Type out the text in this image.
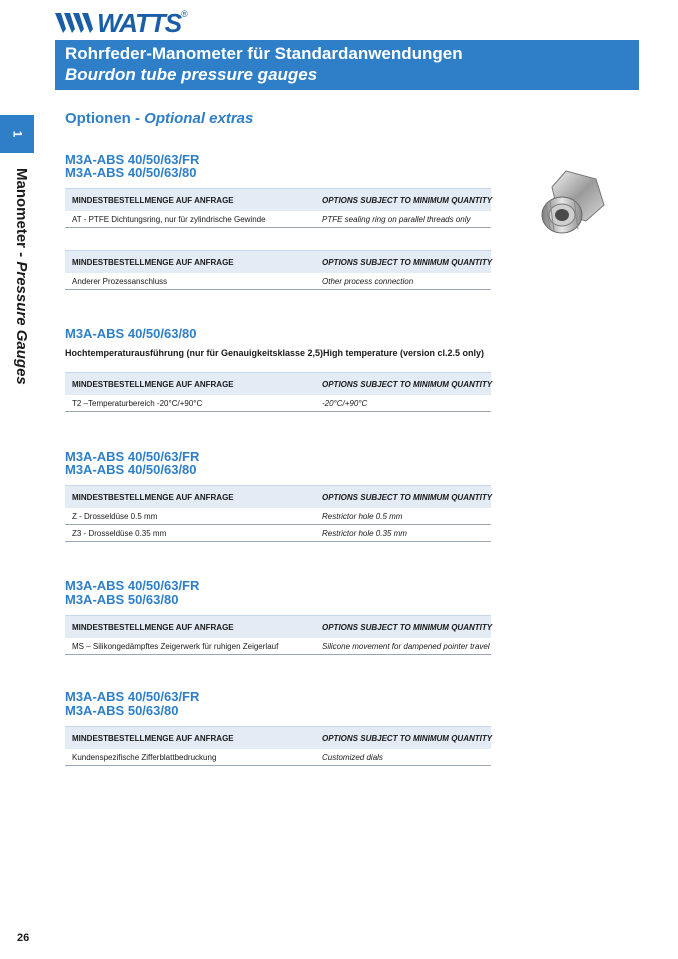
WATTS ®
Rohrfeder-Manometer für Standardanwendungen
Bourdon tube pressure gauges
1
Manometer - Pressure Gauges
Optionen - Optional extras
M3A-ABS 40/50/63/FR
M3A-ABS 40/50/63/80
MINDESTBESTELLMENGE AUF ANFRAGE	OPTIONS SUBJECT TO MINIMUM QUANTITY
AT - PTFE Dichtungsring, nur für zylindrische Gewinde	PTFE sealing ring on parallel threads only
MINDESTBESTELLMENGE AUF ANFRAGE	OPTIONS SUBJECT TO MINIMUM QUANTITY
Anderer Prozessanschluss	Other process connection
M3A-ABS 40/50/63/80
Hochtemperaturausführung (nur für Genauigkeitsklasse 2,5) High temperature (version cl.2.5 only)
MINDESTBESTELLMENGE AUF ANFRAGE	OPTIONS SUBJECT TO MINIMUM QUANTITY
T2 –Temperaturbereich -20°C/+90°C	-20°C/+90°C
M3A-ABS 40/50/63/FR
M3A-ABS 40/50/63/80
MINDESTBESTELLMENGE AUF ANFRAGE	OPTIONS SUBJECT TO MINIMUM QUANTITY
Z - Drosseldüse 0.5 mm	Restrictor hole 0.5 mm
Z3 - Drosseldüse 0.35 mm	Restrictor hole 0.35 mm
M3A-ABS 40/50/63/FR
M3A-ABS 50/63/80
MINDESTBESTELLMENGE AUF ANFRAGE	OPTIONS SUBJECT TO MINIMUM QUANTITY
MS – Silikongedämpftes Zeigerwerk für ruhigen Zeigerlauf	Silicone movement for dampened pointer travel
M3A-ABS 40/50/63/FR
M3A-ABS 50/63/80
MINDESTBESTELLMENGE AUF ANFRAGE	OPTIONS SUBJECT TO MINIMUM QUANTITY
Kundenspezifische Zifferblattbedruckung	Customized dials
26
